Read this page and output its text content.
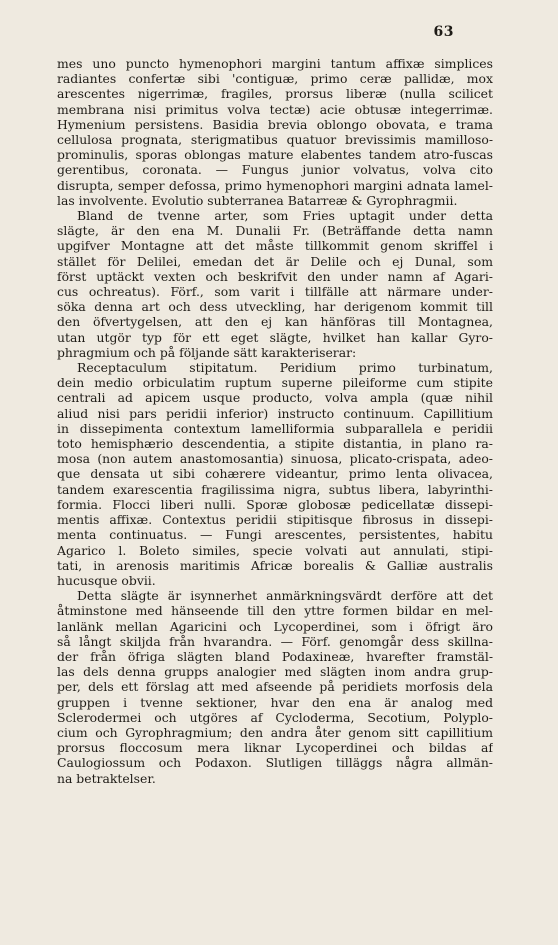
63
mes uno puncto hymenophori margini tantum affixæ simplices
radiantes confertæ sibi 'contiguæ, primo ceræ pallidæ, mox
arescentes nigerrimæ, fragiles, prorsus liberæ (nulla scilicet
membrana nisi primitus volva tectæ) acie obtusæ integerrimæ.
Hymenium persistens. Basidia brevia oblongo obovata, e trama
cellulosa prognata, sterigmatibus quatuor brevissimis mamilloso-
prominulis, sporas oblongas mature elabentes tandem atro-fuscas
gerentibus, coronata. — Fungus junior volvatus, volva cito
disrupta, semper defossa, primo hymenophori margini adnata lamel-
las involvente. Evolutio subterranea Batarreæ & Gyrophragmii.
Bland de tvenne arter, som Fries uptagit under detta
slägte, är den ena M. Dunalii Fr. (Beträffande detta namn
upgifver Montagne att det måste tillkommit genom skriffel i
stället för Delilei, emedan det är Delile och ej Dunal, som
först uptäckt vexten och beskrifvit den under namn af Agari-
cus ochreatus). Förf., som varit i tillfälle att närmare under-
söka denna art och dess utveckling, har derigenom kommit till
den öfvertygelsen, att den ej kan hänföras till Montagnea,
utan utgör typ för ett eget slägte, hvilket han kallar Gyro-
phragmium och på följande sätt karakteriserar:
Receptaculum stipitatum. Peridium primo turbinatum,
dein medio orbiculatim ruptum superne pileiforme cum stipite
centrali ad apicem usque producto, volva ampla (quæ nihil
aliud nisi pars peridii inferior) instructo continuum. Capillitium
in dissepimenta contextum lamelliformia subparallela e peridii
toto hemisphærio descendentia, a stipite distantia, in plano ra-
mosa (non autem anastomosantia) sinuosa, plicato-crispata, adeo-
que densata ut sibi cohærere videantur, primo lenta olivacea,
tandem exarescentia fragilissima nigra, subtus libera, labyrinthi-
formia. Flocci liberi nulli. Sporæ globosæ pedicellatæ dissepi-
mentis affixæ. Contextus peridii stipitisque fibrosus in dissepi-
menta continuatus. — Fungi arescentes, persistentes, habitu
Agarico l. Boleto similes, specie volvati aut annulati, stipi-
tati, in arenosis maritimis Africæ borealis & Galliæ australis
hucusque obvii.
Detta slägte är isynnerhet anmärkningsvärdt derföre att det
åtminstone med hänseende till den yttre formen bildar en mel-
lanlänk mellan Agaricini och Lycoperdinei, som i öfrigt äro
så långt skiljda från hvarandra. — Förf. genomgår dess skillna-
der från öfriga slägten bland Podaxineæ, hvarefter framstäl-
las dels denna grupps analogier med slägten inom andra grup-
per, dels ett förslag att med afseende på peridiets morfosis dela
gruppen i tvenne sektioner, hvar den ena är analog med
Sclerodermei och utgöres af Cycloderma, Secotium, Polyplo-
cium och Gyrophragmium; den andra åter genom sitt capillitium
prorsus floccosum mera liknar Lycoperdinei och bildas af
Caulogiossum och Podaxon. Slutligen tilläggs några allmän-
na betraktelser.
